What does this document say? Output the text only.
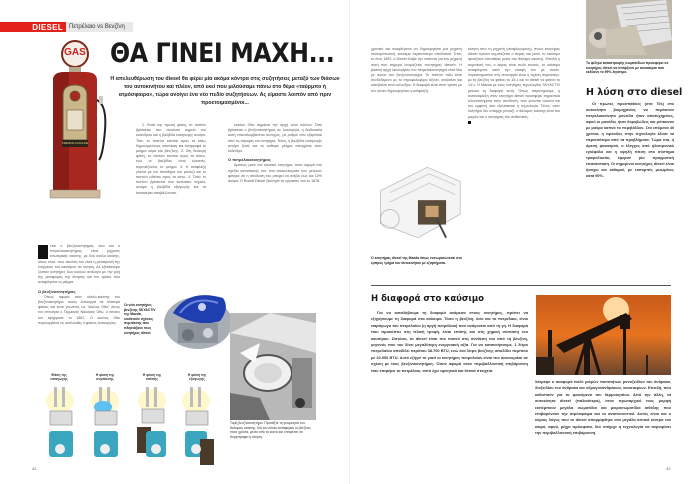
DIESEL	Πετρέλαιο vs Βενζίνη
GAS
PREMIUM GASOLINE
ΘΑ ΓΙΝΕΙ ΜΑΧΗ...
Η απελευθέρωση του diesel θα φέρει μία ακόμα κόντρα στις συζητήσεις μεταξύ των θιάσων του αυτοκινήτου και πλέον, από εκεί που μιλούσαμε πάνω στο θέμα «ταύρμπο ή ατμόσφαιρα», τώρα ανοίγει ένα νέο πεδίο συζητήσεων. Ας είμαστε λοιπόν από πριν προετοιμασμένοι...

1. Κατά την πρώτη φάση, το πιστόνι βρίσκεται στο ανώτατο σημείο του κυλίνδρου και η βαλβίδα εισαγωγής ανοίγει. Τότε, το πιστόνι κινείται προς τα κάτω δημιουργώντας υποπίεση και αναρροφά το μείγμα αέρα και βενζίνης. 2. Στη δεύτερη φάση, το πιστόνι κινείται προς τα πάνω, ενώ οι βαλβίδες είναι κλειστές, συμπιέζοντας το μείγμα. 3. Η ανάφλεξη γίνεται με τον σπινθήρα του μπουζί και το πιστόνι ωθείται προς τα κάτω. 4. Όταν το πιστόνι βρίσκεται στο κατώτατο σημείο, ανοίγει η βαλβίδα εξαγωγής και τα καυσαέρια αποβάλλονται.

κύκλου Otto σημαίνει την αρχή νέου κύκλου. Όσο βρίσκεται ο βενζινοκινητήρας σε λειτουργία, η διαδικασία αυτή επαναλαμβάνεται συνεχώς, με ρυθμό που εξαρτάται από τις στροφές του κινητήρα. Τέλος, η βαλβίδα εισαγωγής ανοίγει ξανά και το καθαρό μείγμα εισέρχεται στον κύλινδρο.

Ο πετρελαιοκινητήρας

Αμέσως μετά τον κλασικό κινητήρα, όσον αφορά στο σχέδιο κατασκευής του, στα αποτελέσματα των μελετών φάνηκε ότι η απόδοση του μπορεί να ανέβει έως και 10% ακόμα. Ο Rudolf Diesel ξεκίνησε τις εργασίες του το 1878.

ετσι ο βενζινοκινητήρας όσο και ο πετρελαιοκινητήρας, είναι μηχανές εσωτερικής καύσης, με δυο κύκλο καύσης, όπως είναι, πως σκοπός του είναι η μετατροπή της ενέργειας του καυσίμου σε κίνηση. Ας εξετάσουμε λοιπόν κινητήρες δυο κύκλου ανάλογα με την ροή της μεταφοράς της κίνησης και τον τρόπο που αναφλέγεται το μείγμα.

Ο βενζινοκινητήρας

Όπως αφορά στον κύκλο-καύσης του βενζινοκινητήρα, αυτός λειτουργεί σε τέσσερα φάσεις και είναι γνωστός ως "κύκλος Otto" όπως τον επινόησε ο Γερμανός Νικόλαος Otto, ο οποίος τον εφήρμοσε το 1867. Ο κύκλος Otto περιλαμβάνει τις ακόλουθες 4 φάσεις λειτουργίας.

Οι νέοι κινητήρες βενζίνης SKYACTIV της Mazda, υιοθετούν σχέσεις συμπίεσης που πλησιάζουν τους κινητήρες diesel.
Τομή βενζινοκινητήρα. Προσέξτε τη γεωμετρία του θαλάμου καύσης, διά τον οποίο κατάφεραν οι βενζίνες τόσα χρόνια, μέσα από το κοινό και επιτρέπει να περιστραφεί η κίνηση.
Φάση της εισαγωγής
Η φάση της συμπίεσης
Η φάση της καύσης
Η φάση της εξαγωγής
42

χρονικό και αναφλέγεται να δημιουργήσει μία μηχανή ισοσυμπτωτική, καύσιμα περισσότερο αποδοτικά. Έτσι, το έτος 1892, ο Diesel έλαβε την πατέντα για την μηχανή αυτή που σήμερα ονομάζεται «κινητήρας diesel». Η βασική αρχή λειτουργίας του πετρελαιοκινητήρα είναι ίδια με αυτού του βενζινοκινητήρα. Το πιστόνι πάλι είναι συνδεδεμένο με το στροφαλοφόρο άξονα, ανεβαίνει και κατεβαίνει στον κύλινδρο. Η διαφορά είναι στον τρόπο με τον οποίο δημιουργείται η ανάφλεξη.

κίνηση από τη μηχανή (αναφλεγόμενη), στους κινητήρες diesel πρώτα συμπιέζεται ο αέρας και μετά, το καύσιμο ψεκάζεται απευθείας μέσα στο θάλαμο καύσης. Επειδή η συμπίεσή του, ο αέρας είναι πολύ καυτός, το καύσιμο αναφλέγεται κατά την επαφή του με αυτόν. Χαρακτηριστικό στη λειτουργία είναι η σχέση συμπίεσης: με τη βενζίνη να φτάνει το 10:1 και το diesel να φτάνει το 14:1. Η Mazda με τους κινητήρες τεχνολογίας SKYACTIV μείωσε τη διαφορά αυτή. Όπως παρατηρούμε, η αυτανάφλεξη στον κινητήρα diesel προσφέρει σημαντικά πλεονεκτήματα στην απόδοση, που γίνονται ολοένα και πιο εμφανή όσο εξελίσσεται η τεχνολογία. Τέλος, στον κινητήρα δεν υπάρχει μπουζί, ο θάλαμος καύσης είναι πιο μικρός και ο κινητήρας πιο ανθεκτικός.

Ο κινητήρας diesel της Mazda όπως ενσωματώνεται στο εμπρός τμήμα του αυτοκινήτου με εξαρτήματα.
Το φίλτρο καταστροφής σωματιδίων προσφέρει σε κινητήρες diesel να υπάρξουν με καυσαέρια που εκλύουν το 99% λιγότερο.
Η λύση στο diesel

Οι πρώτες προσπάθειες (στα 70s) στο αυτοκίνητο βιομηχανίας να περάσουν πετρελαιοκίνητα μοντέλα ήταν αποτυχημένες, αφού οι μονάδες ήταν θορυβώδεις και ρύπαιναν με μαύρο καπνό το περιβάλλον. Στα επόμενα 40 χρόνια, η πρόοδος στην τεχνολογία έλυσε τα περισσότερα από τα προβλήματα. Τώρα πια, η άμεση ψεκασμού, ο έλεγχος από ηλεκτρονικό εγκέφαλο και η υψηλή πίεση στο σύστημα τροφοδοσίας έφεραν μία πραγματική επανάσταση. Οι σημερινοί κινητήρες diesel είναι ήσυχοι και καθαροί, με εκπομπές μειωμένες κατά 90%.

Η διαφορά στο καύσιμο

Για να καταλάβουμε τη διαφορά ανάμεσα στους κινητήρες, πρέπει να εξηγήσουμε τη διαφορά στα καύσιμα. Τόσο η βενζίνη, όσο και το πετρέλαιο, είναι παράγωγα του πετρελαίου (η αργή πετρέλαιο) που ανάγονται από τη γη. Η διαφορά που προκύπτει στη τελική τροφή, είναι επίσης και στη χημική σύσταση του καυσίμου. Ωστόσο, το diesel είναι πιο πυκνό στη σύνθεση του από τη βενζίνη, γεγονός που του δίνει μεγαλύτερη ενεργειακή αξία. Για να κατανοήσουμε, 1 λίτρο πετρελαίου αποδίδει περίπου 38.700 BTU, ενώ ένα λίτρο βενζίνης αποδίδει περίπου με 32.000 BTU. Αυτό εξηγεί το γιατί οι κινητήρες πετρελαίου είναι πιο οικονομικοί σε σχέση με τους βενζινοκινητήρες. Όσον αφορά στον περιβαλλοντική επιβάρυνση που επιφέρει το πετρέλαιο, αυτό έχει αρνητικά και θετικά στοιχεία.

λάτρεψε ο αναφορά πολύ μικρών ποσοτήτων μονοξειδίου του άνθρακα, διοξειδίου του άνθρακα και υδρογονανθράκων, καυσαερίων. Επειδή, που καθιστούν για το φαινόμενο του θερμοκηπίου. Από την άλλη, τα αυτοκίνητα diesel (παλαιότερα), στον πρωταρχικό τους μορφή εκπέμπουν μεγάλα σωματίδια και μικροσωματίδια αιθάλης που επιβαρύνουν την ατμόσφαιρα και το αναπνευστικό. Αυτός είναι και ο κύριος λόγος που το diesel απορρίφθηκε στα μεγάλα αστικά κέντρα τον καιρό, αφού, μέχρι πρόσφατα, δεν υπήρχε η τεχνολογία να περιορίσει την περιβαλλοντική επιβάρυνση.

43
